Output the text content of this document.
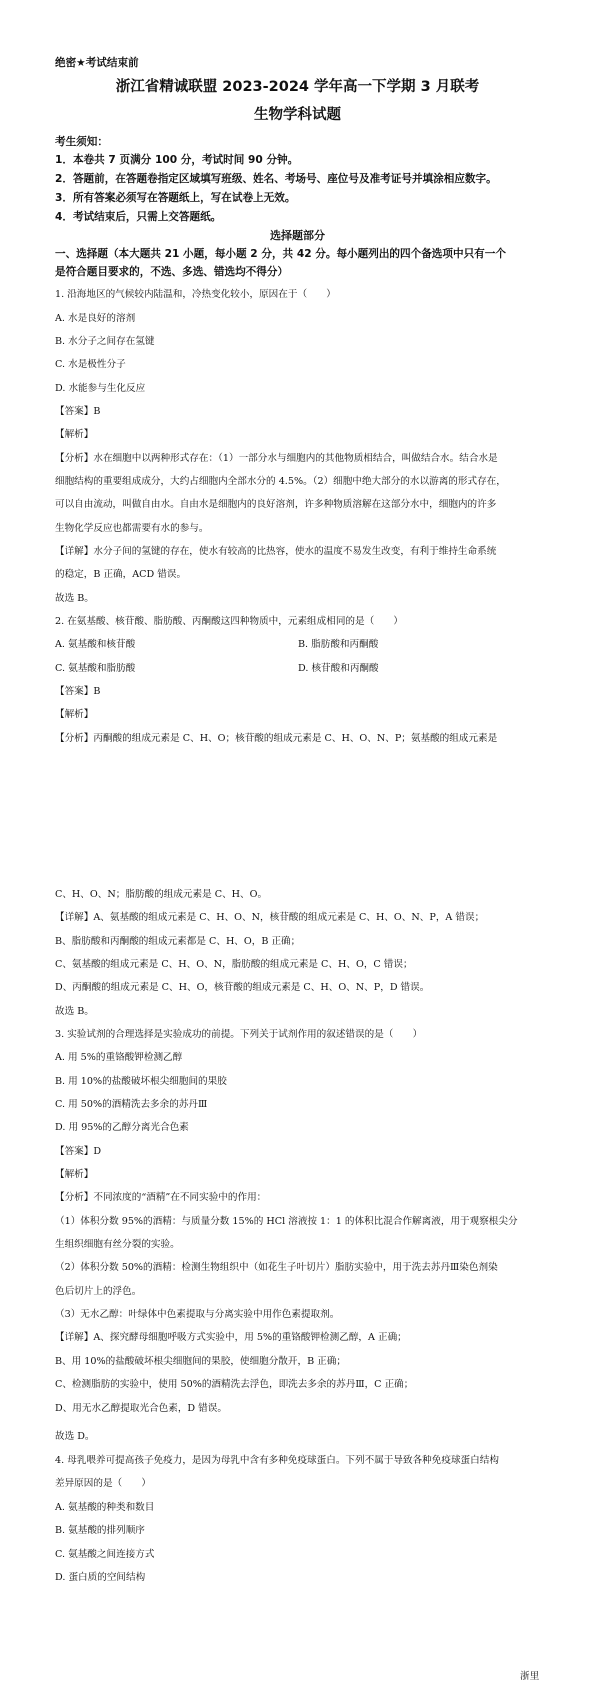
绝密★考试结束前
浙江省精诚联盟 2023-2024 学年高一下学期 3 月联考
生物学科试题
考生须知：
1．本卷共 7 页满分 100 分，考试时间 90 分钟。
2．答题前，在答题卷指定区域填写班级、姓名、考场号、座位号及准考证号并填涂相应数字。
3．所有答案必须写在答题纸上，写在试卷上无效。
4．考试结束后，只需上交答题纸。
选择题部分
一、选择题（本大题共 21 小题，每小题 2 分，共 42 分。每小题列出的四个备选项中只有一个
是符合题目要求的，不选、多选、错选均不得分）
1. 沿海地区的气候较内陆温和，冷热变化较小，原因在于（　　）
A. 水是良好的溶剂
B. 水分子之间存在氢键
C. 水是极性分子
D. 水能参与生化反应
【答案】B
【解析】
【分析】水在细胞中以两种形式存在：（1）一部分水与细胞内的其他物质相结合，叫做结合水。结合水是
细胞结构的重要组成成分，大约占细胞内全部水分的 4.5%。（2）细胞中绝大部分的水以游离的形式存在，
可以自由流动，叫做自由水。自由水是细胞内的良好溶剂，许多种物质溶解在这部分水中，细胞内的许多
生物化学反应也都需要有水的参与。
【详解】水分子间的氢键的存在，使水有较高的比热容，使水的温度不易发生改变，有利于维持生命系统
的稳定，B 正确，ACD 错误。
故选 B。
2. 在氨基酸、核苷酸、脂肪酸、丙酮酸这四种物质中，元素组成相同的是（　　）
A. 氨基酸和核苷酸	B. 脂肪酸和丙酮酸
C. 氨基酸和脂肪酸	D. 核苷酸和丙酮酸
【答案】B
【解析】
【分析】丙酮酸的组成元素是 C、H、O；核苷酸的组成元素是 C、H、O、N、P；氨基酸的组成元素是
C、H、O、N；脂肪酸的组成元素是 C、H、O。
【详解】A、氨基酸的组成元素是 C、H、O、N，核苷酸的组成元素是 C、H、O、N、P，A 错误；
B、脂肪酸和丙酮酸的组成元素都是 C、H、O，B 正确；
C、氨基酸的组成元素是 C、H、O、N，脂肪酸的组成元素是 C、H、O，C 错误；
D、丙酮酸的组成元素是 C、H、O，核苷酸的组成元素是 C、H、O、N、P，D 错误。
故选 B。
3. 实验试剂的合理选择是实验成功的前提。下列关于试剂作用的叙述错误的是（　　）
A. 用 5%的重铬酸钾检测乙醇
B. 用 10%的盐酸破坏根尖细胞间的果胶
C. 用 50%的酒精洗去多余的苏丹Ⅲ
D. 用 95%的乙醇分离光合色素
【答案】D
【解析】
【分析】不同浓度的“酒精”在不同实验中的作用：
（1）体积分数 95%的酒精：与质量分数 15%的 HCl 溶液按 1：1 的体积比混合作解离液，用于观察根尖分
生组织细胞有丝分裂的实验。
（2）体积分数 50%的酒精：检测生物组织中（如花生子叶切片）脂肪实验中，用于洗去苏丹Ⅲ染色剂染
色后切片上的浮色。
（3）无水乙醇：叶绿体中色素提取与分离实验中用作色素提取剂。
【详解】A、探究酵母细胞呼吸方式实验中，用 5%的重铬酸钾检测乙醇，A 正确；
B、用 10%的盐酸破坏根尖细胞间的果胶，使细胞分散开，B 正确；
C、检测脂肪的实验中，使用 50%的酒精洗去浮色，即洗去多余的苏丹Ⅲ，C 正确；
D、用无水乙醇提取光合色素，D 错误。
故选 D。
4. 母乳喂养可提高孩子免疫力，是因为母乳中含有多种免疫球蛋白。下列不属于导致各种免疫球蛋白结构
差异原因的是（　　）
A. 氨基酸的种类和数目
B. 氨基酸的排列顺序
C. 氨基酸之间连接方式
D. 蛋白质的空间结构
浙里
